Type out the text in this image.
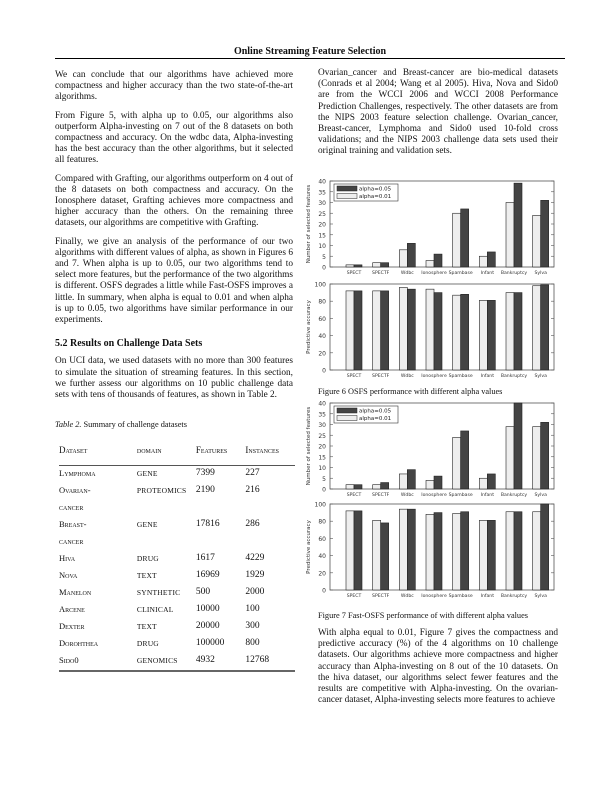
Online Streaming Feature Selection

We can conclude that our algorithms have achieved more compactness and higher accuracy than the two state-of-the-art algorithms.

From Figure 5, with alpha up to 0.05, our algorithms also outperform Alpha-investing on 7 out of the 8 datasets on both compactness and accuracy. On the wdbc data, Alpha-investing has the best accuracy than the other algorithms, but it selected all features.

Compared with Grafting, our algorithms outperform on 4 out of the 8 datasets on both compactness and accuracy. On the Ionosphere dataset, Grafting achieves more compactness and higher accuracy than the others. On the remaining three datasets, our algorithms are competitive with Grafting.

Finally, we give an analysis of the performance of our two algorithms with different values of alpha, as shown in Figures 6 and 7. When alpha is up to 0.05, our two algorithms tend to select more features, but the performance of the two algorithms is different. OSFS degrades a little while Fast-OSFS improves a little. In summary, when alpha is equal to 0.01 and when alpha is up to 0.05, two algorithms have similar performance in our experiments.

5.2 Results on Challenge Data Sets

On UCI data, we used datasets with no more than 300 features to simulate the situation of streaming features. In this section, we further assess our algorithms on 10 public challenge data sets with tens of thousands of features, as shown in Table 2.

Table 2. Summary of challenge datasets
Dataset	domain	Features	Instances
Lymphoma	GENE	7399	227
Ovarian-	PROTEOMICS	2190	216
cancer			
Breast-	GENE	17816	286
cancer			
Hiva	DRUG	1617	4229
Nova	TEXT	16969	1929
Manelon	SYNTHETIC	500	2000
Arcene	CLINICAL	10000	100
Dexter	TEXT	20000	300
Dorohthea	DRUG	100000	800
Sido0	GENOMICS	4932	12768

Ovarian_cancer and Breast-cancer are bio-medical datasets (Conrads et al 2004; Wang et al 2005). Hiva, Nova and Sido0 are from the WCCI 2006 and WCCI 2008 Performance Prediction Challenges, respectively. The other datasets are from the NIPS 2003 feature selection challenge. Ovarian_cancer, Breast-cancer, Lymphoma and Sido0 used 10-fold cross validations; and the NIPS 2003 challenge data sets used their original training and validation sets.

0
5
10
15
20
25
30
35
40
Number of selected features
SPECT SPECTF	Wdbc Ionosphere Spambase Infant Bankruptcy Sylva
alpha=0.05
alpha=0.01
0
20
40
60
80
100
Predictive accuracy
SPECT SPECTF	Wdbc Ionosphere Spambase Infant Bankruptcy Sylva
Figure 6 OSFS performance with different alpha values
0
5
10
15
20
25
30
35
40
Number of selected features
SPECT SPECTF	Wdbc Ionosphere Spambase Infant Bankruptcy Sylva
alpha=0.05
alpha=0.01
0
20
40
60
80
100
Predictive accuracy
SPECT SPECTF	Wdbc Ionosphere Spambase Infant Bankruptcy Sylva
Figure 7 Fast-OSFS performance of with different alpha values

With alpha equal to 0.01, Figure 7 gives the compactness and predictive accuracy (%) of the 4 algorithms on 10 challenge datasets. Our algorithms achieve more compactness and higher accuracy than Alpha-investing on 8 out of the 10 datasets. On the hiva dataset, our algorithms select fewer features and the results are competitive with Alpha-investing. On the ovarian-cancer dataset, Alpha-investing selects more features to achieve
